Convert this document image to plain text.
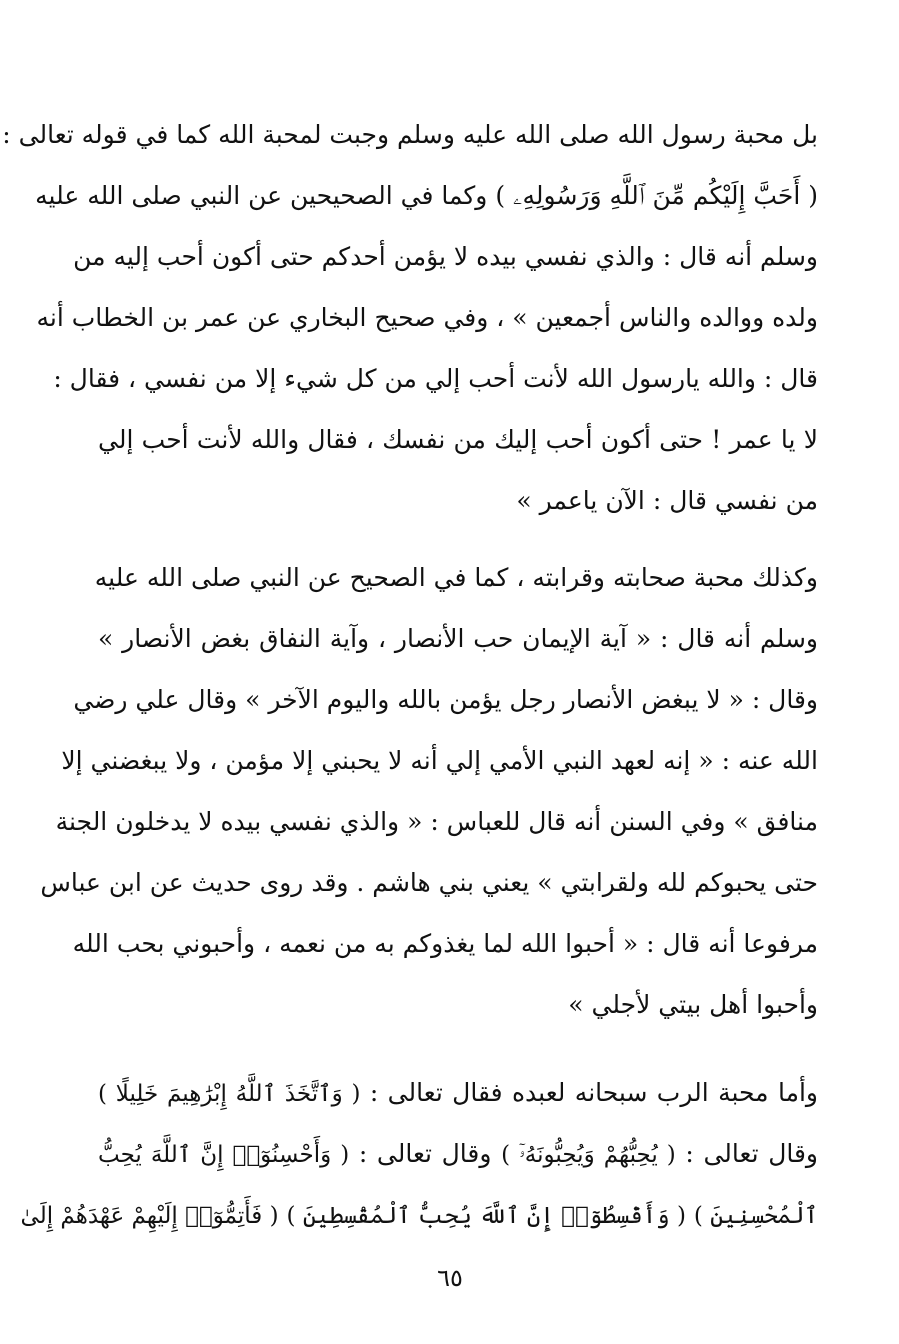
بل محبة رسول الله صلى الله عليه وسلم وجبت لمحبة الله كما في قوله تعالى :
( أَحَبَّ إِلَيْكُم مِّنَ ٱللَّهِ وَرَسُولِهِۦ ) وكما في الصحيحين عن النبي صلى الله عليه
وسلم أنه قال : والذي نفسي بيده لا يؤمن أحدكم حتى أكون أحب إليه من
ولده ووالده والناس أجمعين » ، وفي صحيح البخاري عن عمر بن الخطاب أنه
قال : والله يارسول الله لأنت أحب إلي من كل شيء إلا من نفسي ، فقال :
لا يا عمر ! حتى أكون أحب إليك من نفسك ، فقال والله لأنت أحب إلي
من نفسي قال : الآن ياعمر »
وكذلك محبة صحابته وقرابته ، كما في الصحيح عن النبي صلى الله عليه
وسلم أنه قال : « آية الإيمان حب الأنصار ، وآية النفاق بغض الأنصار »
وقال : « لا يبغض الأنصار رجل يؤمن بالله واليوم الآخر » وقال علي رضي
الله عنه : « إنه لعهد النبي الأمي إلي أنه لا يحبني إلا مؤمن ، ولا يبغضني إلا
منافق » وفي السنن أنه قال للعباس : « والذي نفسي بيده لا يدخلون الجنة
حتى يحبوكم لله ولقرابتي » يعني بني هاشم . وقد روى حديث عن ابن عباس
مرفوعا أنه قال : « أحبوا الله لما يغذوكم به من نعمه ، وأحبوني بحب الله
وأحبوا أهل بيتي لأجلي »
وأما محبة الرب سبحانه لعبده فقال تعالى : ( وَٱتَّخَذَ ٱللَّهُ إِبْرَٰهِيمَ خَلِيلًا )
وقال تعالى : ( يُحِبُّهُمْ وَيُحِبُّونَهُۥٓ ) وقال تعالى : ( وَأَحْسِنُوٓا۟ إِنَّ ٱللَّهَ يُحِبُّ
ٱلْمُحْسِنِينَ ) ( وَأَقْسِطُوٓا۟ إِنَّ ٱللَّهَ يُحِبُّ ٱلْمُقْسِطِينَ ) ( فَأَتِمُّوٓا۟ إِلَيْهِمْ عَهْدَهُمْ إِلَىٰ
٦٥
